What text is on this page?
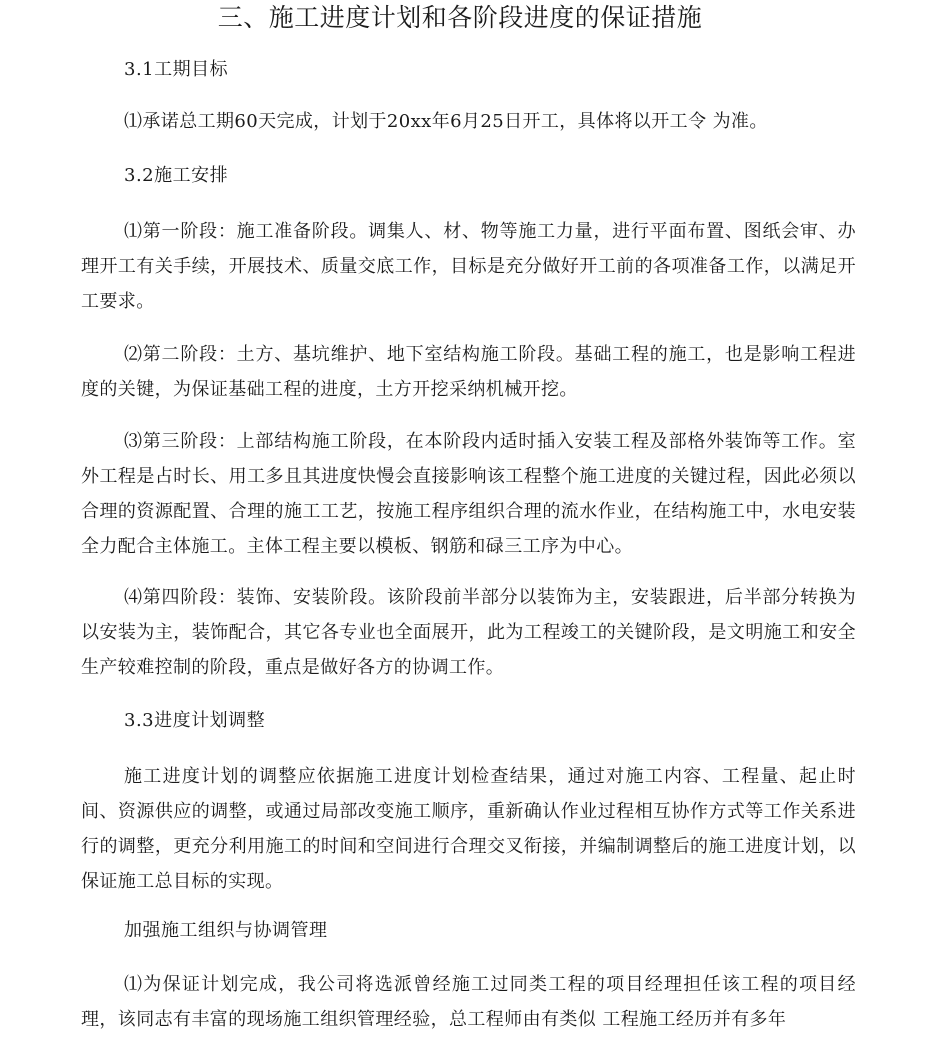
三、施工进度计划和各阶段进度的保证措施
3.1工期目标

⑴承诺总工期60天完成，计划于20xx年6月25日开工，具体将以开工令 为准。

3.2施工安排

⑴第一阶段：施工准备阶段。调集人、材、物等施工力量，进行平面布置、图纸会审、办理开工有关手续，开展技术、质量交底工作，目标是充分做好开工前的各项准备工作，以满足开工要求。

⑵第二阶段：土方、基坑维护、地下室结构施工阶段。基础工程的施工，也是影响工程进度的关键，为保证基础工程的进度，土方开挖采纳机械开挖。

⑶第三阶段：上部结构施工阶段，在本阶段内适时插入安装工程及部格外装饰等工作。室外工程是占时长、用工多且其进度快慢会直接影响该工程整个施工进度的关键过程，因此必须以合理的资源配置、合理的施工工艺，按施工程序组织合理的流水作业，在结构施工中，水电安装全力配合主体施工。主体工程主要以模板、钢筋和碌三工序为中心。

⑷第四阶段：装饰、安装阶段。该阶段前半部分以装饰为主，安装跟进，后半部分转换为以安装为主，装饰配合，其它各专业也全面展开，此为工程竣工的关键阶段，是文明施工和安全生产较难控制的阶段，重点是做好各方的协调工作。

3.3进度计划调整

施工进度计划的调整应依据施工进度计划检查结果，通过对施工内容、工程量、起止时间、资源供应的调整，或通过局部改变施工顺序，重新确认作业过程相互协作方式等工作关系进行的调整，更充分利用施工的时间和空间进行合理交叉衔接，并编制调整后的施工进度计划，以保证施工总目标的实现。

加强施工组织与协调管理

⑴为保证计划完成，我公司将选派曾经施工过同类工程的项目经理担任该工程的项目经理，该同志有丰富的现场施工组织管理经验，总工程师由有类似 工程施工经历并有多年
